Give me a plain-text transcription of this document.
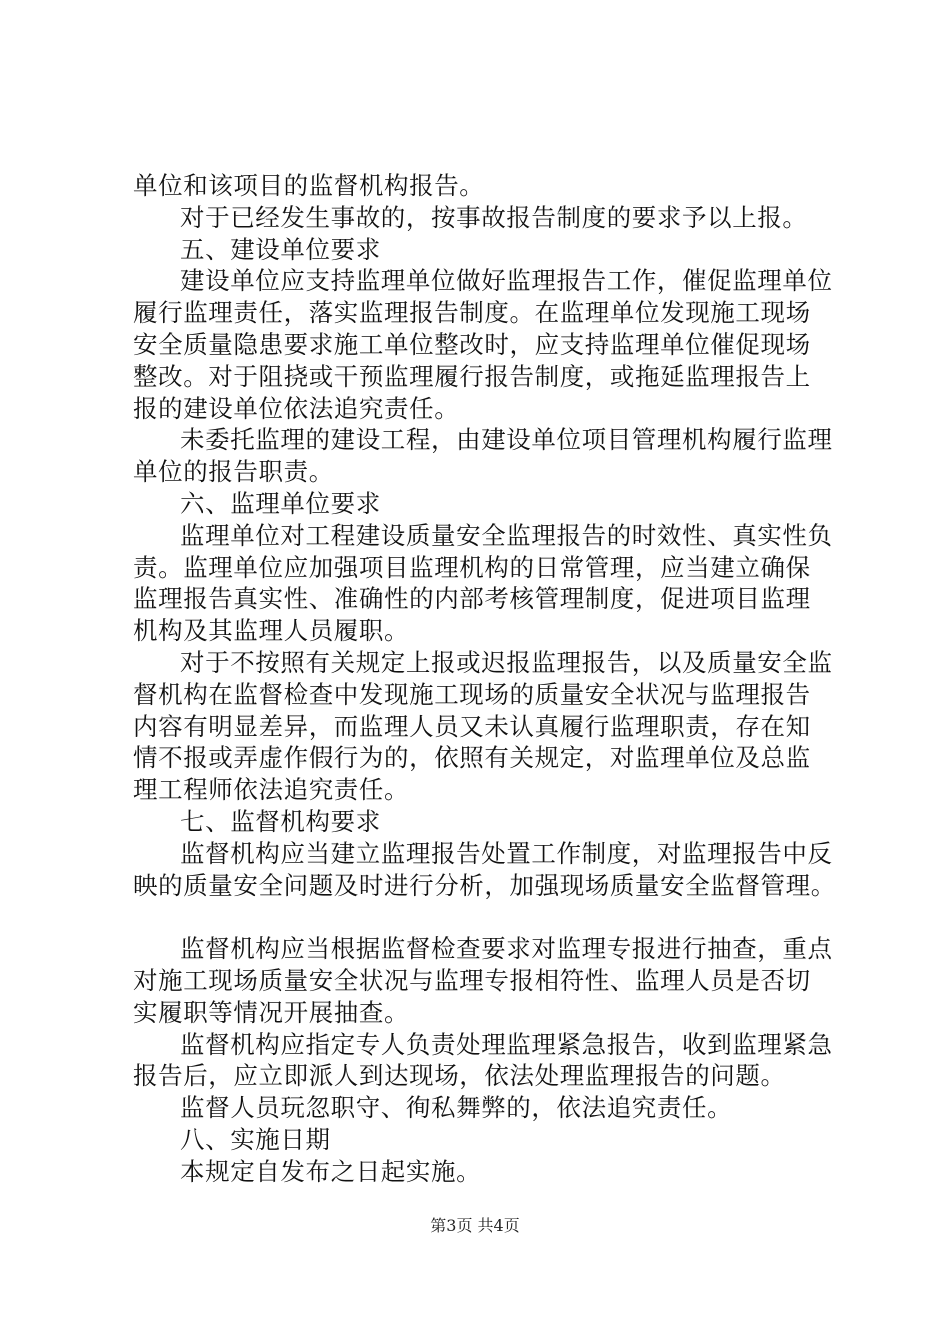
单位和该项目的监督机构报告。
对于已经发生事故的，按事故报告制度的要求予以上报。
五、建设单位要求
建设单位应支持监理单位做好监理报告工作，催促监理单位
履行监理责任，落实监理报告制度。在监理单位发现施工现场
安全质量隐患要求施工单位整改时，应支持监理单位催促现场
整改。对于阻挠或干预监理履行报告制度，或拖延监理报告上
报的建设单位依法追究责任。
未委托监理的建设工程，由建设单位项目管理机构履行监理
单位的报告职责。
六、监理单位要求
监理单位对工程建设质量安全监理报告的时效性、真实性负
责。监理单位应加强项目监理机构的日常管理，应当建立确保
监理报告真实性、准确性的内部考核管理制度，促进项目监理
机构及其监理人员履职。
对于不按照有关规定上报或迟报监理报告，以及质量安全监
督机构在监督检查中发现施工现场的质量安全状况与监理报告
内容有明显差异，而监理人员又未认真履行监理职责，存在知
情不报或弄虚作假行为的，依照有关规定，对监理单位及总监
理工程师依法追究责任。
七、监督机构要求
监督机构应当建立监理报告处置工作制度，对监理报告中反
映的质量安全问题及时进行分析，加强现场质量安全监督管理。
监督机构应当根据监督检查要求对监理专报进行抽查，重点
对施工现场质量安全状况与监理专报相符性、监理人员是否切
实履职等情况开展抽查。
监督机构应指定专人负责处理监理紧急报告，收到监理紧急
报告后，应立即派人到达现场，依法处理监理报告的问题。
监督人员玩忽职守、徇私舞弊的，依法追究责任。
八、实施日期
本规定自发布之日起实施。
第3页 共4页
